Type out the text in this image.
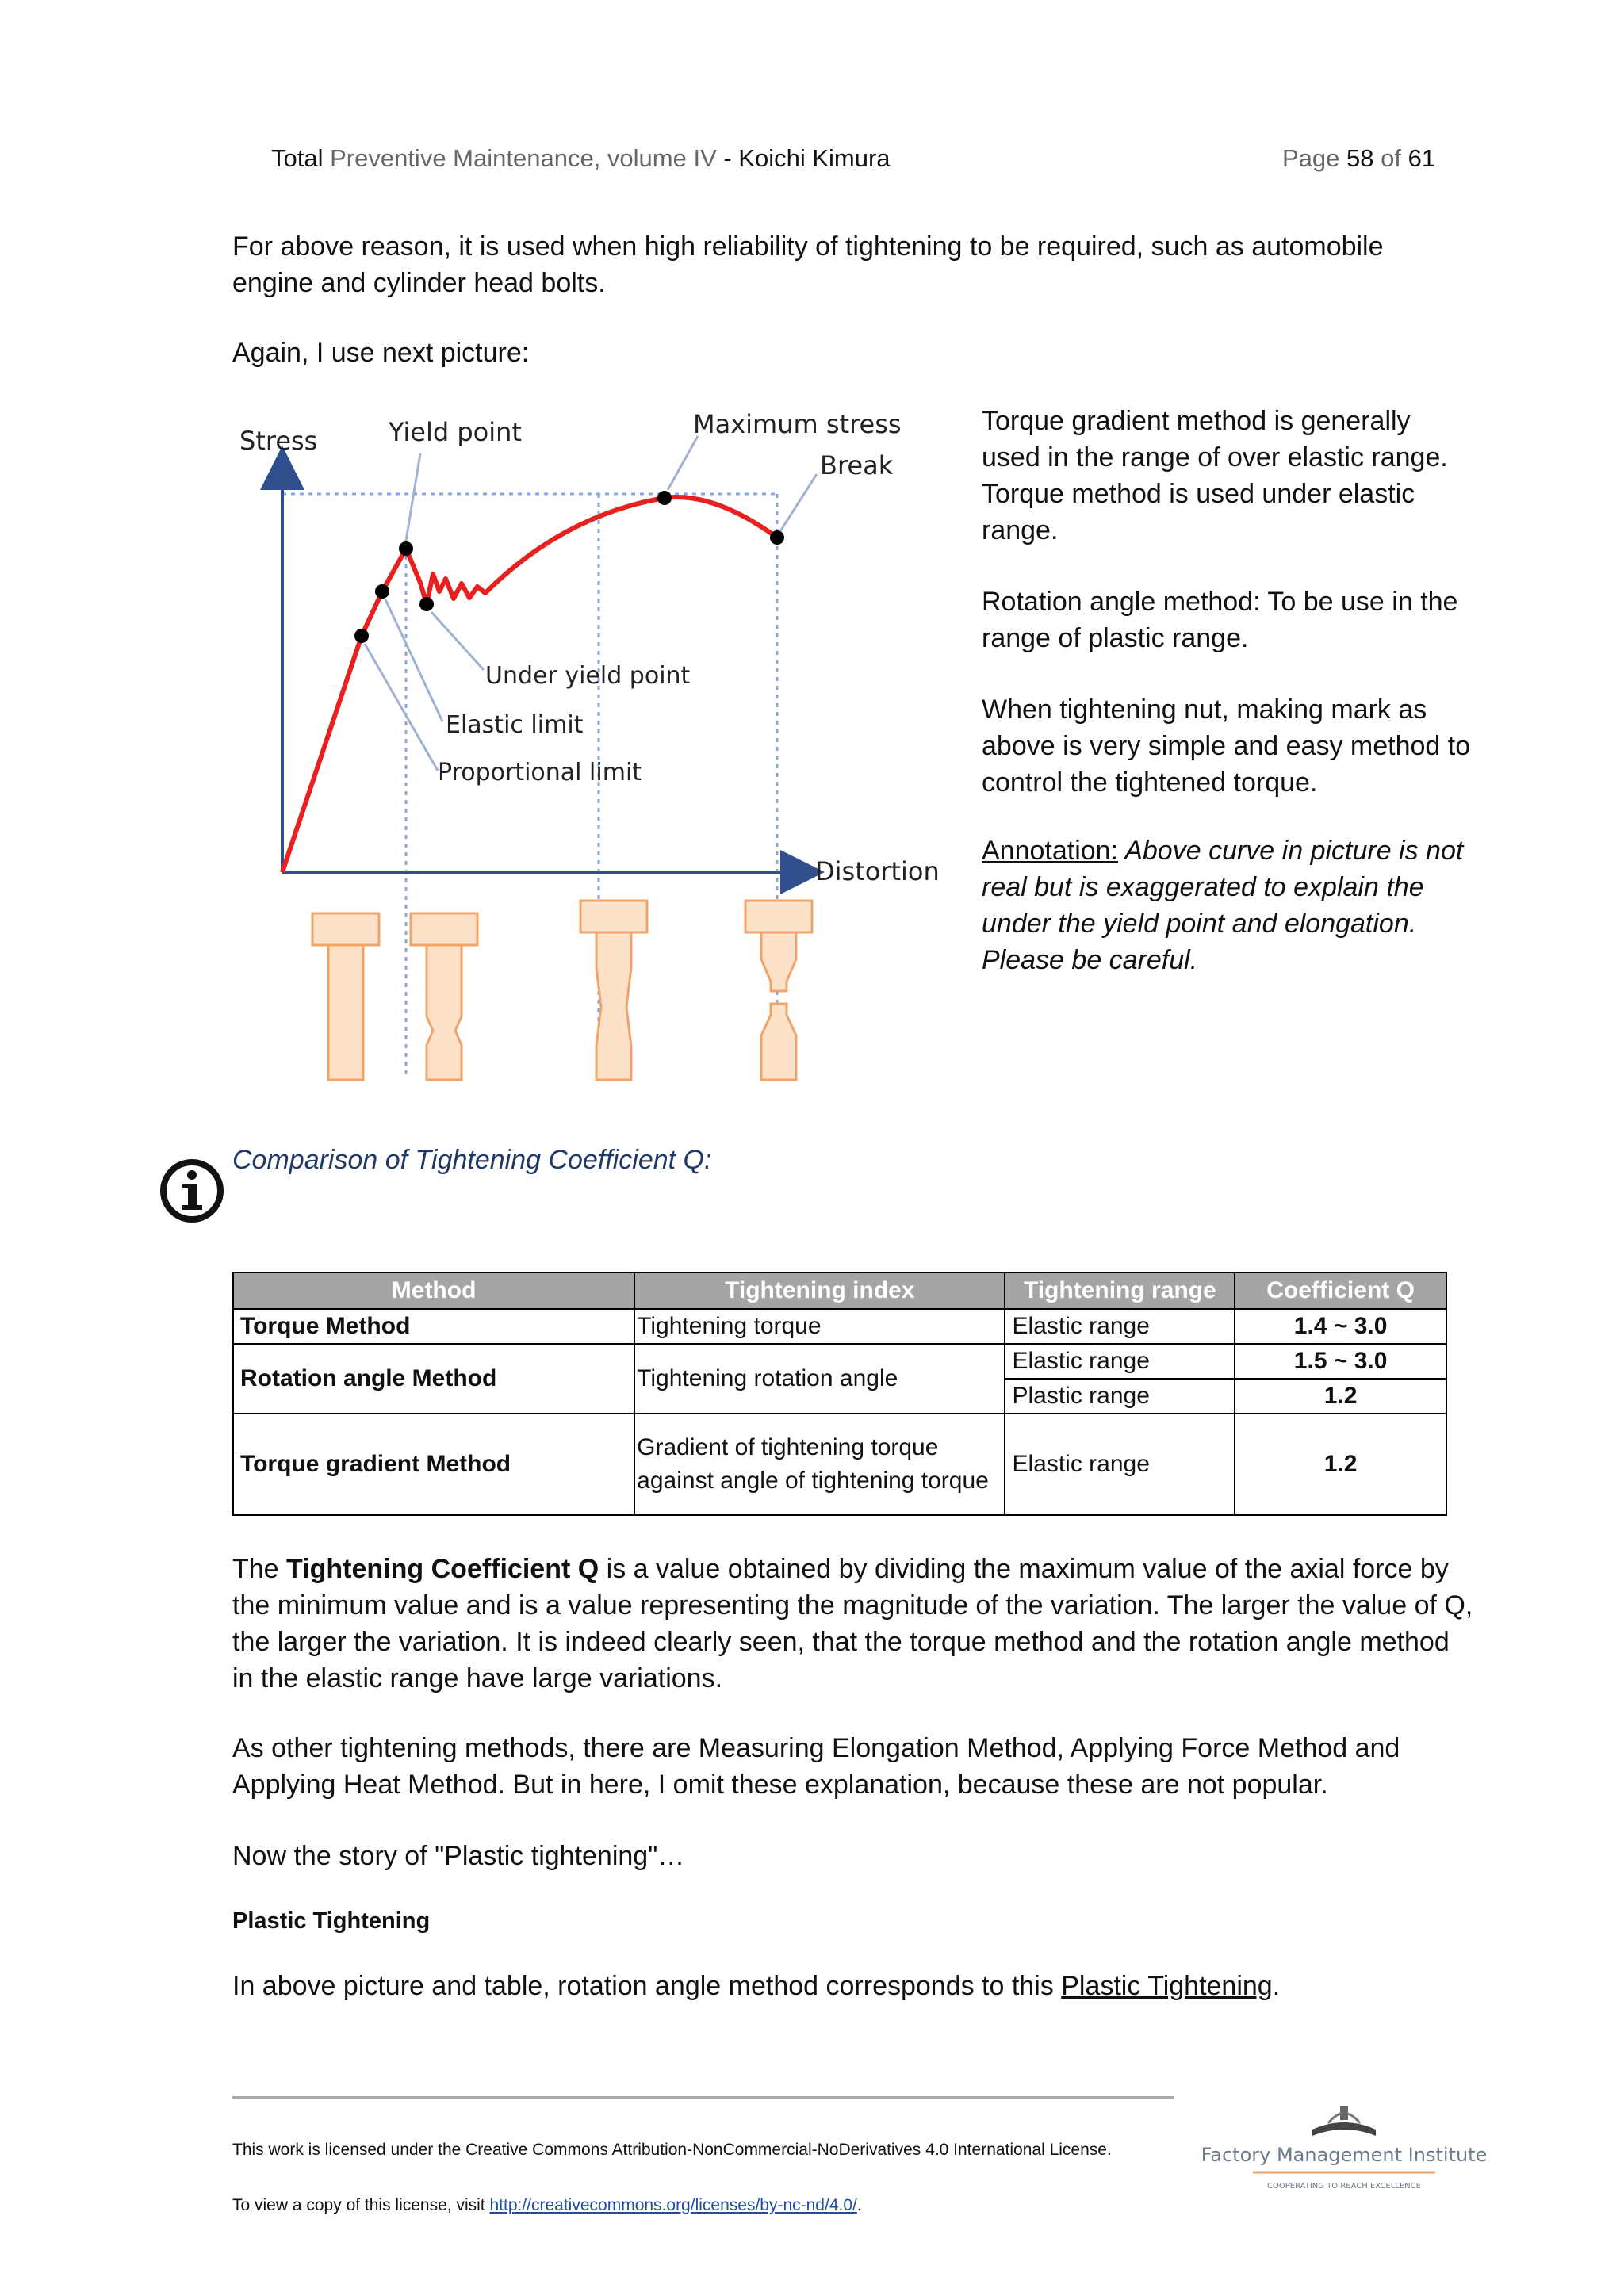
Total Preventive Maintenance, volume IV - Koichi Kimura	Page 58 of 61

For above reason, it is used when high reliability of tightening to be required, such as automobile engine and cylinder head bolts.

Again, I use next picture:

Stress	Yield point	Maximum stress
Break
Under yield point
Elastic limit
Proportional limit
Distortion

Torque gradient method is generally used in the range of over elastic range. Torque method is used under elastic range.

Rotation angle method: To be use in the range of plastic range.

When tightening nut, making mark as above is very simple and easy method to control the tightened torque.

Annotation: Above curve in picture is not real but is exaggerated to explain the under the yield point and elongation. Please be careful.

Comparison of Tightening Coefficient Q:

Method	Tightening index	Tightening range	Coefficient Q
Torque Method	Tightening torque	Elastic range	1.4 ~ 3.0
Rotation angle Method	Tightening rotation angle	Elastic range	1.5 ~ 3.0
		Plastic range	1.2
Torque gradient Method	Gradient of tightening torque against angle of tightening torque	Elastic range	1.2

The Tightening Coefficient Q is a value obtained by dividing the maximum value of the axial force by the minimum value and is a value representing the magnitude of the variation. The larger the value of Q, the larger the variation. It is indeed clearly seen, that the torque method and the rotation angle method in the elastic range have large variations.

As other tightening methods, there are Measuring Elongation Method, Applying Force Method and Applying Heat Method. But in here, I omit these explanation, because these are not popular.

Now the story of "Plastic tightening"…

Plastic Tightening

In above picture and table, rotation angle method corresponds to this Plastic Tightening.

This work is licensed under the Creative Commons Attribution-NonCommercial-NoDerivatives 4.0 International License.
To view a copy of this license, visit http://creativecommons.org/licenses/by-nc-nd/4.0/.
Factory Management Institute
COOPERATING TO REACH EXCELLENCE
